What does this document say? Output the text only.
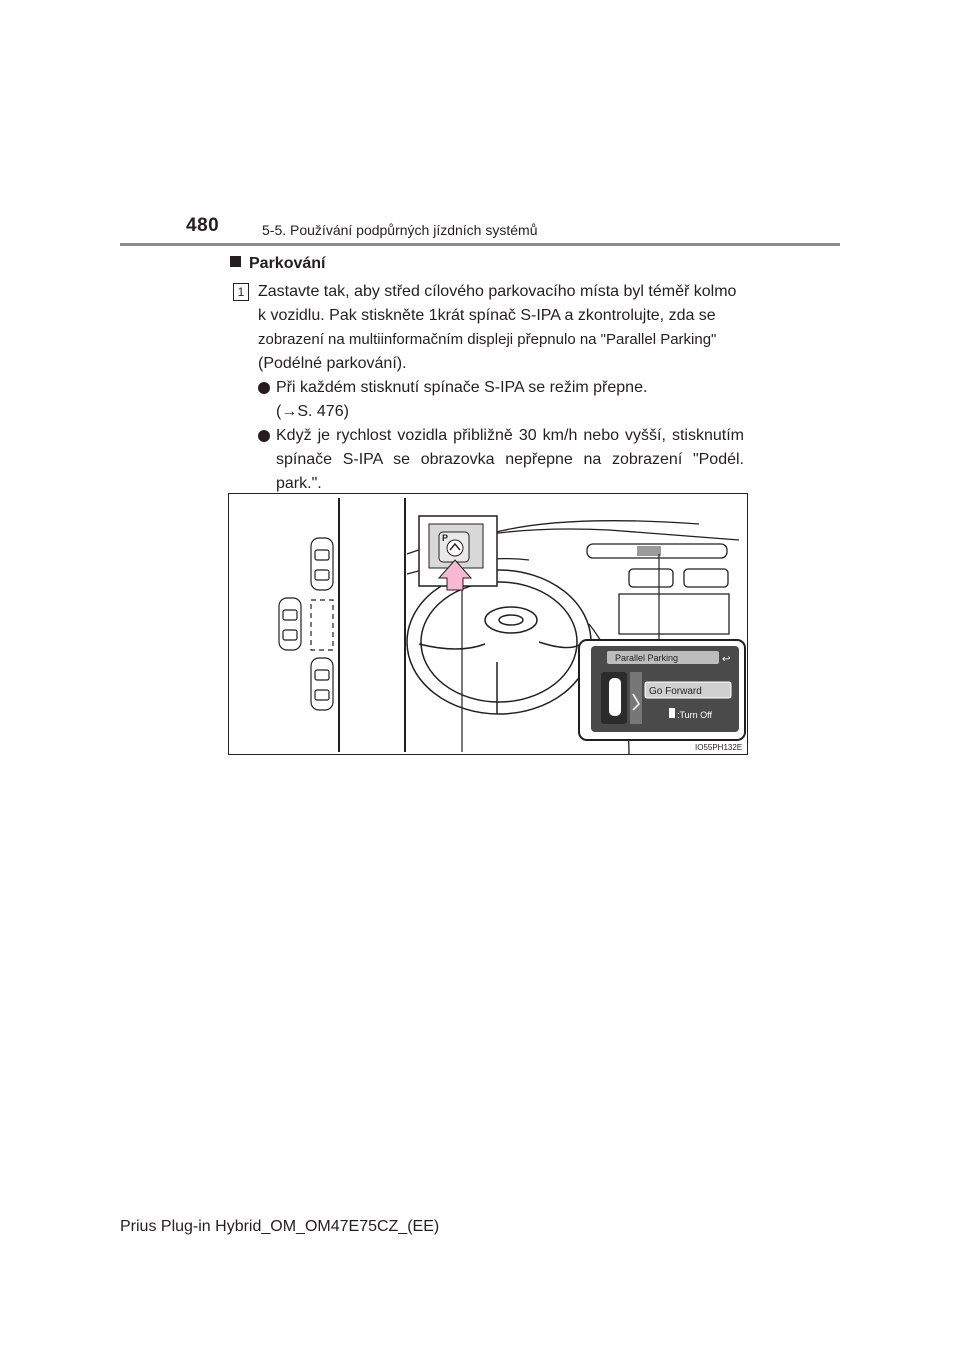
480	5-5. Používání podpůrných jízdních systémů
Parkování
1 Zastavte tak, aby střed cílového parkovacího místa byl téměř kolmo
k vozidlu. Pak stiskněte 1krát spínač S-IPA a zkontrolujte, zda se
zobrazení na multiinformačním displeji přepnulo na "Parallel Parking"
(Podélné parkování).
Při každém stisknutí spínače S-IPA se režim přepne.
(→S. 476)
Když je rychlost vozidla přibližně 30 km/h nebo vyšší, stisknutím spínače S-IPA se obrazovka nepřepne na zobrazení "Podél. park.".
P
Parallel Parking	↩
Go Forward
:Turn Off
IO55PH132E
Prius Plug-in Hybrid_OM_OM47E75CZ_(EE)
